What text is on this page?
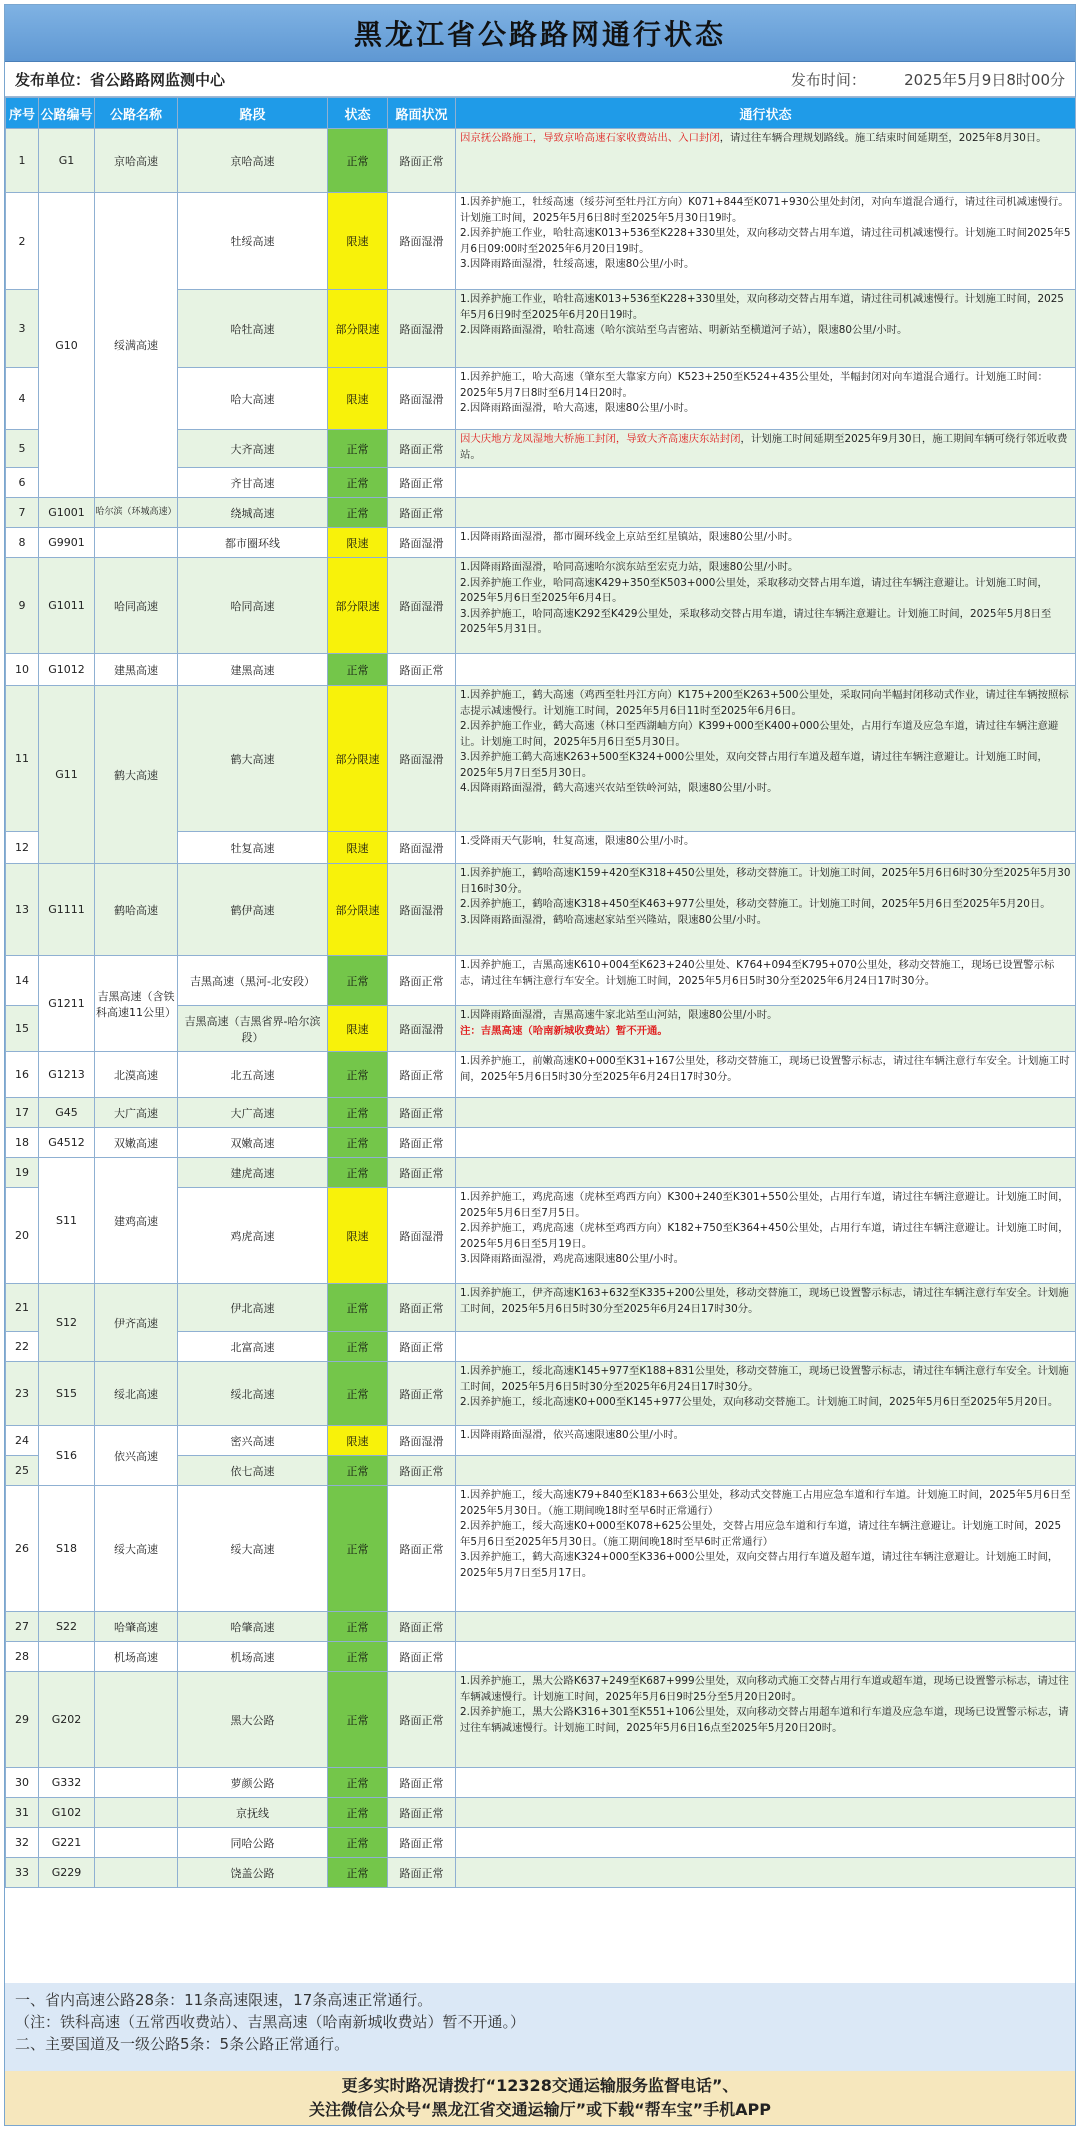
黑龙江省公路路网通行状态
发布单位：省公路路网监测中心	发布时间：	2025年5月9日8时00分
序号	公路编号	公路名称	路段	状态	路面状况	通行状态
1	G1	京哈高速	京哈高速	正常	路面正常	因京抚公路施工，导致京哈高速石家收费站出、入口封闭，请过往车辆合理规划路线。施工结束时间延期至，2025年8月30日。
2	G10	绥满高速	牡绥高速	限速	路面湿滑	1.因养护施工，牡绥高速（绥芬河至牡丹江方向）K071+844至K071+930公里处封闭，对向车道混合通行，请过往司机减速慢行。计划施工时间，2025年5月6日8时至2025年5月30日19时。
2.因养护施工作业，哈牡高速K013+536至K228+330里处，双向移动交替占用车道，请过往司机减速慢行。计划施工时间2025年5月6日09:00时至2025年6月20日19时。
3.因降雨路面湿滑，牡绥高速，限速80公里/小时。
3			哈牡高速	部分限速	路面湿滑	1.因养护施工作业，哈牡高速K013+536至K228+330里处，双向移动交替占用车道，请过往司机减速慢行。计划施工时间，2025年5月6日9时至2025年6月20日19时。
2.因降雨路面湿滑，哈牡高速（哈尔滨站至乌吉密站、明新站至横道河子站），限速80公里/小时。
4			哈大高速	限速	路面湿滑	1.因养护施工，哈大高速（肇东至大靠家方向）K523+250至K524+435公里处，半幅封闭对向车道混合通行。计划施工时间：2025年5月7日8时至6月14日20时。
2.因降雨路面湿滑，哈大高速，限速80公里/小时。
5			大齐高速	正常	路面正常	因大庆地方龙凤湿地大桥施工封闭，导致大齐高速庆东站封闭，计划施工时间延期至2025年9月30日，施工期间车辆可绕行邻近收费站。
6			齐甘高速	正常	路面正常	
7	G1001	哈尔滨（环城高速）	绕城高速	正常	路面正常	
8	G9901		都市圈环线	限速	路面湿滑	1.因降雨路面湿滑，都市圈环线金上京站至红星镇站，限速80公里/小时。
9	G1011	哈同高速	哈同高速	部分限速	路面湿滑	1.因降雨路面湿滑，哈同高速哈尔滨东站至宏克力站，限速80公里/小时。
2.因养护施工作业，哈同高速K429+350至K503+000公里处，采取移动交替占用车道，请过往车辆注意避让。计划施工时间，2025年5月6日至2025年6月4日。
3.因养护施工，哈同高速K292至K429公里处，采取移动交替占用车道，请过往车辆注意避让。计划施工时间，2025年5月8日至2025年5月31日。
10	G1012	建黑高速	建黑高速	正常	路面正常	
11	G11	鹤大高速	鹤大高速	部分限速	路面湿滑	1.因养护施工，鹤大高速（鸡西至牡丹江方向）K175+200至K263+500公里处，采取同向半幅封闭移动式作业，请过往车辆按照标志提示减速慢行。计划施工时间，2025年5月6日11时至2025年6月6日。
2.因养护施工作业，鹤大高速（林口至西湖岫方向）K399+000至K400+000公里处，占用行车道及应急车道，请过往车辆注意避让。计划施工时间，2025年5月6日至5月30日。
3.因养护施工鹤大高速K263+500至K324+000公里处，双向交替占用行车道及超车道，请过往车辆注意避让。计划施工时间，2025年5月7日至5月30日。
4.因降雨路面湿滑，鹤大高速兴农站至铁岭河站，限速80公里/小时。
12			牡复高速	限速	路面湿滑	1.受降雨天气影响，牡复高速，限速80公里/小时。
13	G1111	鹤哈高速	鹤伊高速	部分限速	路面湿滑	1.因养护施工，鹤哈高速K159+420至K318+450公里处，移动交替施工。计划施工时间，2025年5月6日6时30分至2025年5月30日16时30分。
2.因养护施工，鹤哈高速K318+450至K463+977公里处，移动交替施工。计划施工时间，2025年5月6日至2025年5月20日。
3.因降雨路面湿滑，鹤哈高速赵家站至兴隆站，限速80公里/小时。
14	G1211	吉黑高速（含铁科高速11公里）	吉黑高速（黑河-北安段）	正常	路面正常	1.因养护施工，吉黑高速K610+004至K623+240公里处、K764+094至K795+070公里处，移动交替施工，现场已设置警示标志，请过往车辆注意行车安全。计划施工时间，2025年5月6日5时30分至2025年6月24日17时30分。
15			吉黑高速（吉黑省界-哈尔滨段）	限速	路面湿滑	1.因降雨路面湿滑，吉黑高速牛家北站至山河站，限速80公里/小时。
注：吉黑高速（哈南新城收费站）暂不开通。
16	G1213	北漠高速	北五高速	正常	路面正常	1.因养护施工，前嫩高速K0+000至K31+167公里处，移动交替施工，现场已设置警示标志，请过往车辆注意行车安全。计划施工时间，2025年5月6日5时30分至2025年6月24日17时30分。
17	G45	大广高速	大广高速	正常	路面正常	
18	G4512	双嫩高速	双嫩高速	正常	路面正常	
19	S11	建鸡高速	建虎高速	正常	路面正常	
20			鸡虎高速	限速	路面湿滑	1.因养护施工，鸡虎高速（虎林至鸡西方向）K300+240至K301+550公里处，占用行车道，请过往车辆注意避让。计划施工时间，2025年5月6日至7月5日。
2.因养护施工，鸡虎高速（虎林至鸡西方向）K182+750至K364+450公里处，占用行车道，请过往车辆注意避让。计划施工时间，2025年5月6日至5月19日。
3.因降雨路面湿滑，鸡虎高速限速80公里/小时。
21	S12	伊齐高速	伊北高速	正常	路面正常	1.因养护施工，伊齐高速K163+632至K335+200公里处，移动交替施工，现场已设置警示标志，请过往车辆注意行车安全。计划施工时间，2025年5月6日5时30分至2025年6月24日17时30分。
22			北富高速	正常	路面正常	
23	S15	绥北高速	绥北高速	正常	路面正常	1.因养护施工，绥北高速K145+977至K188+831公里处，移动交替施工，现场已设置警示标志，请过往车辆注意行车安全。计划施工时间，2025年5月6日5时30分至2025年6月24日17时30分。
2.因养护施工，绥北高速K0+000至K145+977公里处，双向移动交替施工。计划施工时间，2025年5月6日至2025年5月20日。
24	S16	依兴高速	密兴高速	限速	路面湿滑	1.因降雨路面湿滑，依兴高速限速80公里/小时。
25			依七高速	正常	路面正常	
26	S18	绥大高速	绥大高速	正常	路面正常	1.因养护施工，绥大高速K79+840至K183+663公里处，移动式交替施工占用应急车道和行车道。计划施工时间，2025年5月6日至2025年5月30日。（施工期间晚18时至早6时正常通行）
2.因养护施工，绥大高速K0+000至K078+625公里处，交替占用应急车道和行车道，请过往车辆注意避让。计划施工时间，2025年5月6日至2025年5月30日。（施工期间晚18时至早6时正常通行）
3.因养护施工，鹤大高速K324+000至K336+000公里处，双向交替占用行车道及超车道，请过往车辆注意避让。计划施工时间，2025年5月7日至5月17日。
27	S22	哈肇高速	哈肇高速	正常	路面正常	
28		机场高速	机场高速	正常	路面正常	
29	G202		黑大公路	正常	路面正常	1.因养护施工，黑大公路K637+249至K687+999公里处，双向移动式施工交替占用行车道或超车道，现场已设置警示标志，请过往车辆减速慢行。计划施工时间，2025年5月6日9时25分至5月20日20时。
2.因养护施工，黑大公路K316+301至K551+106公里处，双向移动交替占用超车道和行车道及应急车道，现场已设置警示标志，请过往车辆减速慢行。计划施工时间，2025年5月6日16点至2025年5月20日20时。
30	G332		萝颜公路	正常	路面正常	
31	G102		京抚线	正常	路面正常	
32	G221		同哈公路	正常	路面正常	
33	G229		饶盖公路	正常	路面正常	
一、省内高速公路28条：11条高速限速，17条高速正常通行。
（注：铁科高速（五常西收费站）、吉黑高速（哈南新城收费站）暂不开通。）
二、主要国道及一级公路5条：5条公路正常通行。
更多实时路况请拨打“12328交通运输服务监督电话”、
关注微信公众号“黑龙江省交通运输厅”或下载“帮车宝”手机APP
